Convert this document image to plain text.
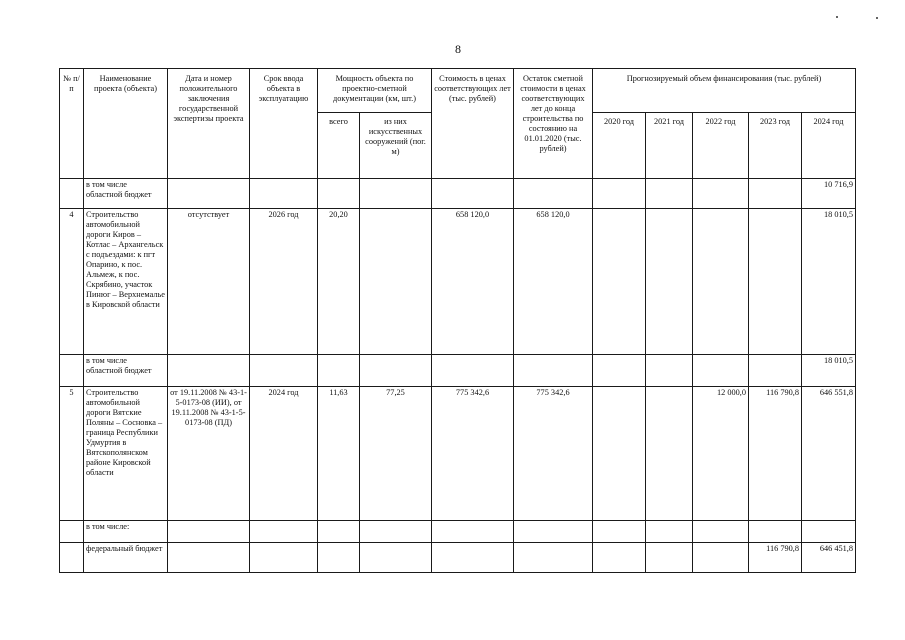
8
№ п/п	Наименование проекта (объекта)	Дата и номер положительного заключения государственной экспертизы проекта	Срок ввода объекта в эксплуатацию	Мощность объекта по проектно-сметной документации (км, шт.)		Стоимость в ценах соответствующих лет (тыс. рублей)	Остаток сметной стоимости в ценах соответствующих лет до конца строительства по состоянию на 01.01.2020 (тыс. рублей)	Прогнозируемый объем финансирования (тыс. рублей)				
				всего	из них искусственных сооружений (пог. м)			2020 год	2021 год	2022 год	2023 год	2024 год
	в том числе областной бюджет											10 716,9
4	Строительство автомобильной дороги Киров – Котлас – Архангельск с подъездами: к пгт Опарино, к пос. Альмеж, к пос. Скрябино, участок Пинюг – Верхнемалье в Кировской области	отсутствует	2026 год	20,20		658 120,0	658 120,0					18 010,5
	в том числе областной бюджет											18 010,5
5	Строительство автомобильной дороги Вятские Поляны – Сосновка – граница Республики Удмуртия в Вятскополянском районе Кировской области	от 19.11.2008 № 43-1-5-0173-08 (ИИ), от 19.11.2008 № 43-1-5-0173-08 (ПД)	2024 год	11,63	77,25	775 342,6	775 342,6			12 000,0	116 790,8	646 551,8
	в том числе:											
	федеральный бюджет										116 790,8	646 451,8
